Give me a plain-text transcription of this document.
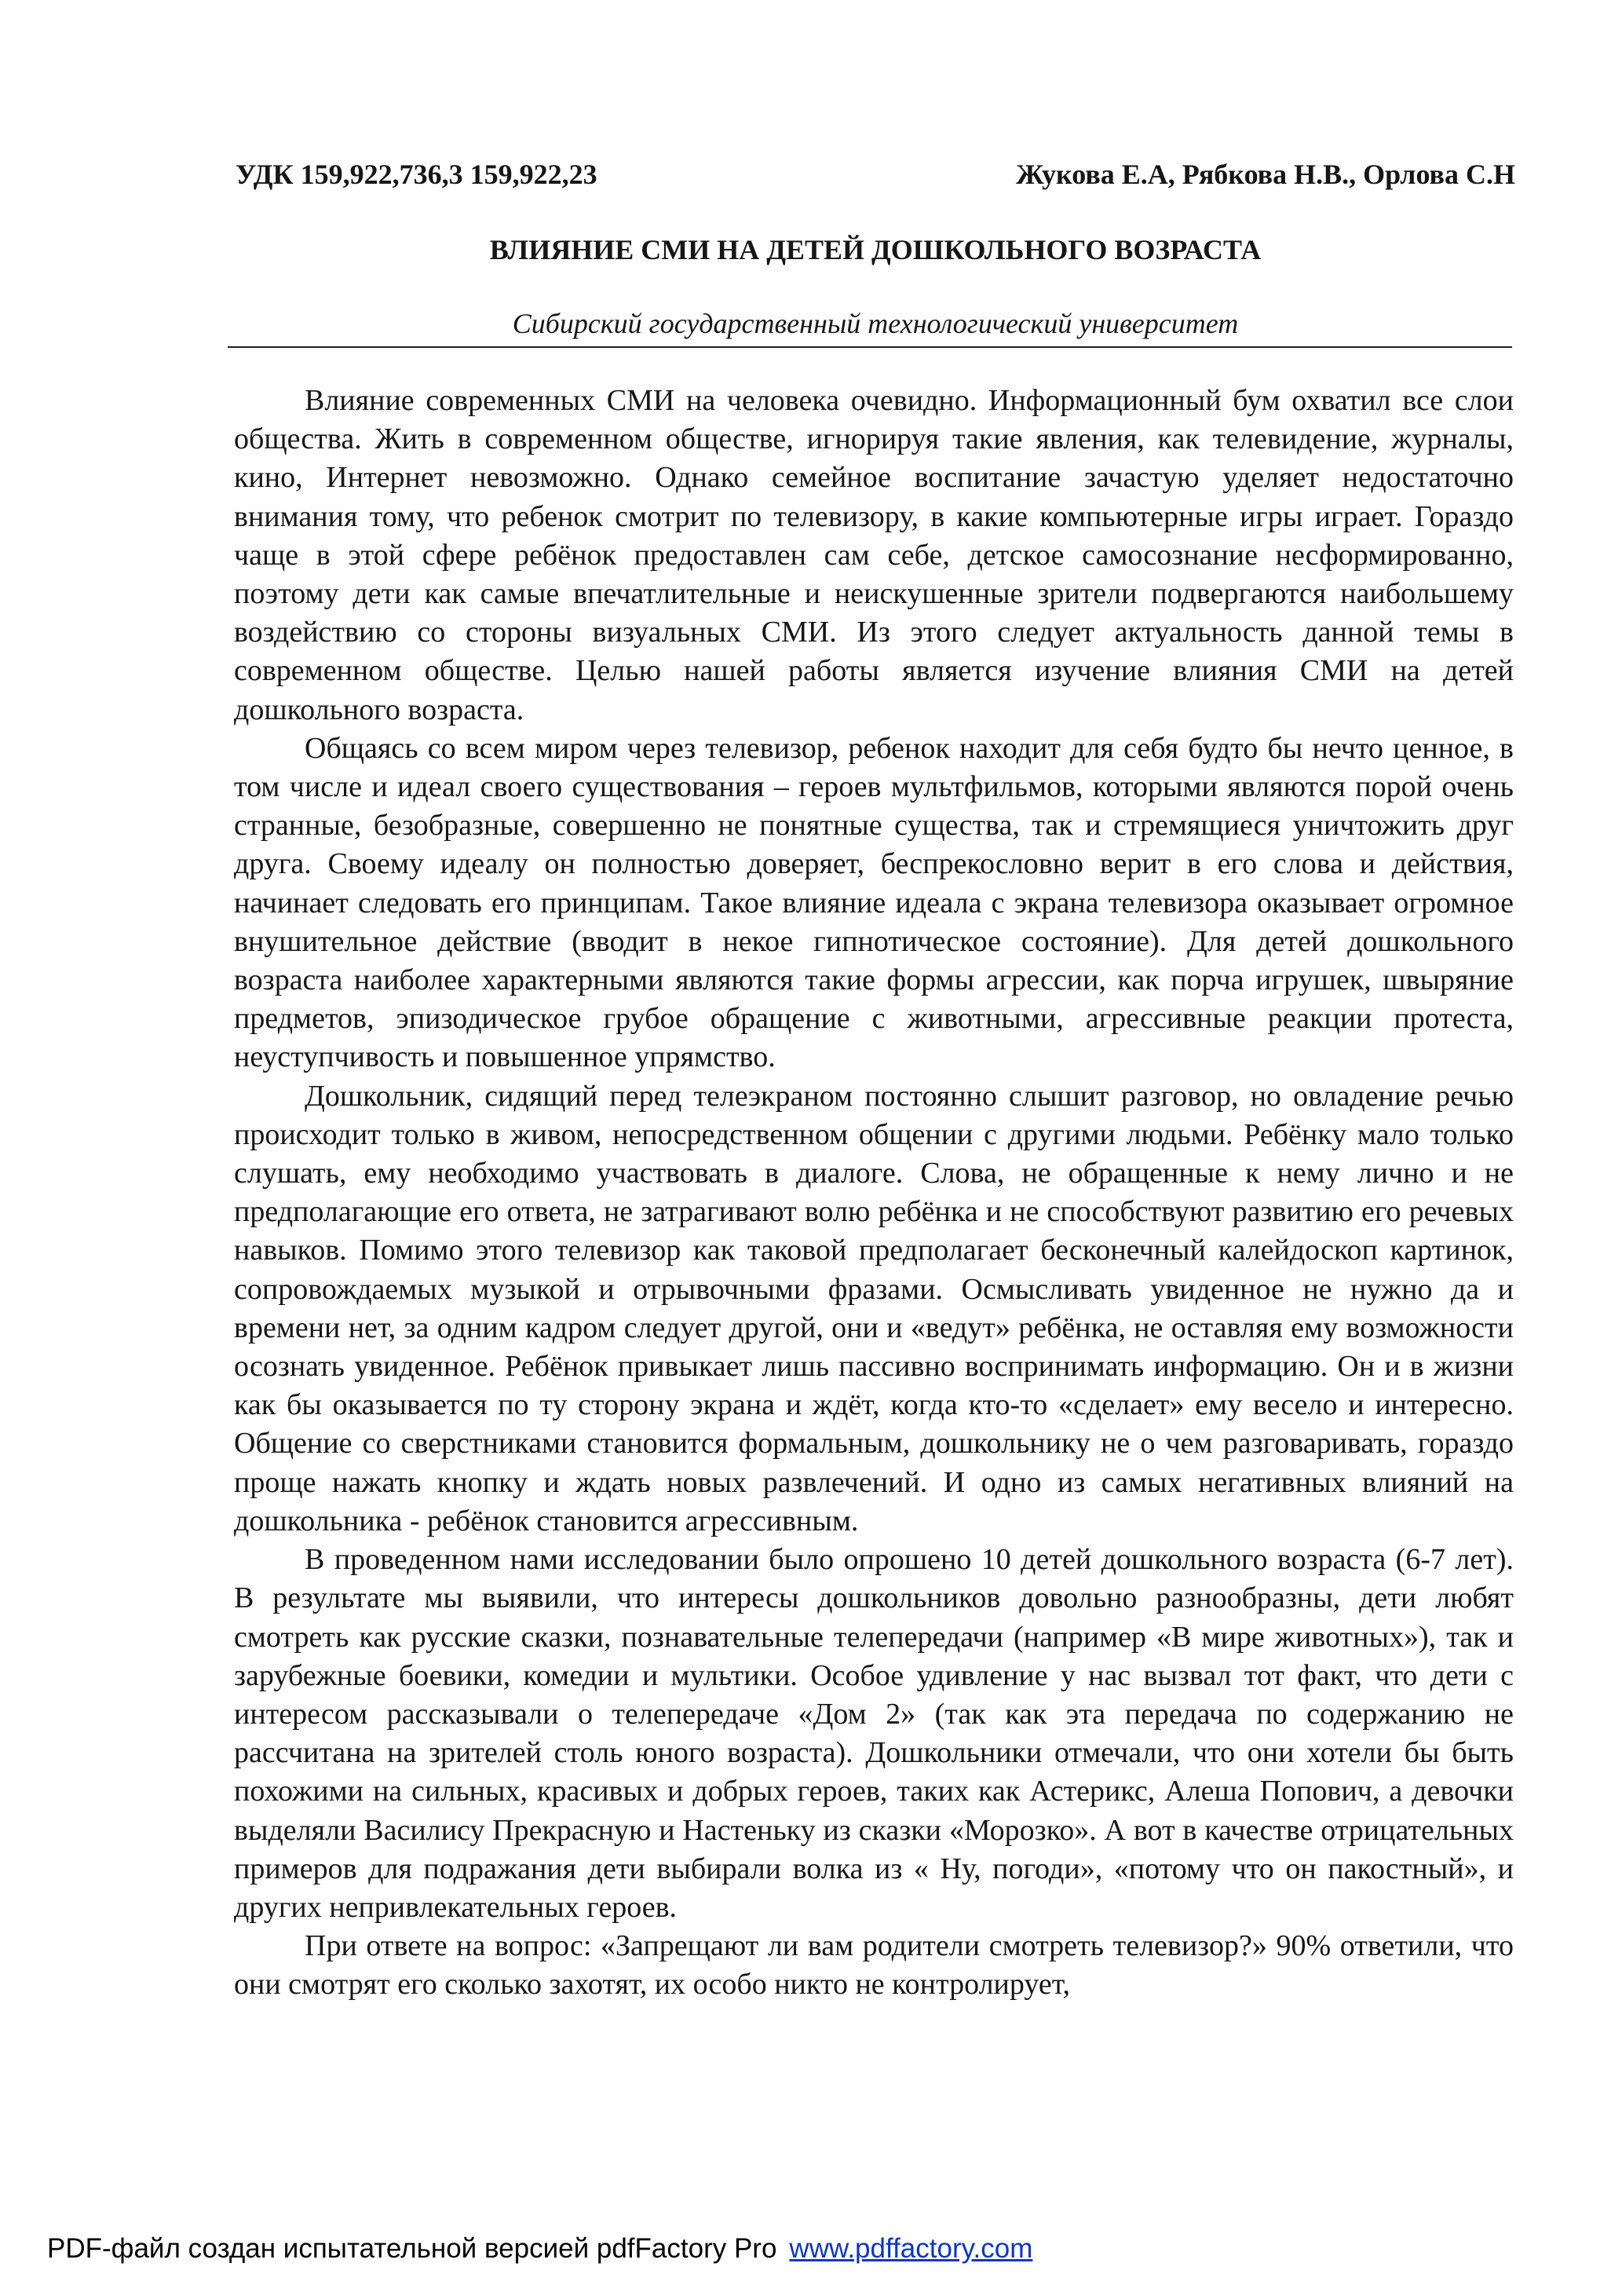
УДК 159,922,736,3 159,922,23	Жукова Е.А, Рябкова Н.В., Орлова С.Н
ВЛИЯНИЕ СМИ НА ДЕТЕЙ ДОШКОЛЬНОГО ВОЗРАСТА
Сибирский государственный технологический университет

Влияние современных СМИ на человека очевидно. Информационный бум охватил все слои общества. Жить в современном обществе, игнорируя такие явления, как телевидение, журналы, кино, Интернет невозможно. Однако семейное воспитание зачастую уделяет недостаточно внимания тому, что ребенок смотрит по телевизору, в какие компьютерные игры играет. Гораздо чаще в этой сфере ребёнок предоставлен сам себе, детское самосознание несформированно, поэтому дети как самые впечатлительные и неискушенные зрители подвергаются наибольшему воздействию со стороны визуальных СМИ. Из этого следует актуальность данной темы в современном обществе. Целью нашей работы является изучение влияния СМИ на детей дошкольного возраста.

Общаясь со всем миром через телевизор, ребенок находит для себя будто бы нечто ценное, в том числе и идеал своего существования – героев мультфильмов, которыми являются порой очень странные, безобразные, совершенно не понятные существа, так и стремящиеся уничтожить друг друга. Своему идеалу он полностью доверяет, беспрекословно верит в его слова и действия, начинает следовать его принципам. Такое влияние идеала с экрана телевизора оказывает огромное внушительное действие (вводит в некое гипнотическое состояние). Для детей дошкольного возраста наиболее характерными являются такие формы агрессии, как порча игрушек, швыряние предметов, эпизодическое грубое обращение с животными, агрессивные реакции протеста, неуступчивость и повышенное упрямство.

Дошкольник, сидящий перед телеэкраном постоянно слышит разговор, но овладение речью происходит только в живом, непосредственном общении с другими людьми. Ребёнку мало только слушать, ему необходимо участвовать в диалоге. Слова, не обращенные к нему лично и не предполагающие его ответа, не затрагивают волю ребёнка и не способствуют развитию его речевых навыков. Помимо этого телевизор как таковой предполагает бесконечный калейдоскоп картинок, сопровождаемых музыкой и отрывочными фразами. Осмысливать увиденное не нужно да и времени нет, за одним кадром следует другой, они и «ведут» ребёнка, не оставляя ему возможности осознать увиденное. Ребёнок привыкает лишь пассивно воспринимать информацию. Он и в жизни как бы оказывается по ту сторону экрана и ждёт, когда кто-то «сделает» ему весело и интересно. Общение со сверстниками становится формальным, дошкольнику не о чем разговаривать, гораздо проще нажать кнопку и ждать новых развлечений. И одно из самых негативных влияний на дошкольника - ребёнок становится агрессивным.

В проведенном нами исследовании было опрошено 10 детей дошкольного возраста (6-7 лет). В результате мы выявили, что интересы дошкольников довольно разнообразны, дети любят смотреть как русские сказки, познавательные телепередачи (например «В мире животных»), так и зарубежные боевики, комедии и мультики. Особое удивление у нас вызвал тот факт, что дети с интересом рассказывали о телепередаче «Дом 2» (так как эта передача по содержанию не рассчитана на зрителей столь юного возраста). Дошкольники отмечали, что они хотели бы быть похожими на сильных, красивых и добрых героев, таких как Астерикс, Алеша Попович, а девочки выделяли Василису Прекрасную и Настеньку из сказки «Морозко». А вот в качестве отрицательных примеров для подражания дети выбирали волка из « Ну, погоди», «потому что он пакостный», и других непривлекательных героев.

При ответе на вопрос: «Запрещают ли вам родители смотреть телевизор?» 90% ответили, что они смотрят его сколько захотят, их особо никто не контролирует,

PDF-файл создан испытательной версией pdfFactory Pro www.pdffactory.com
